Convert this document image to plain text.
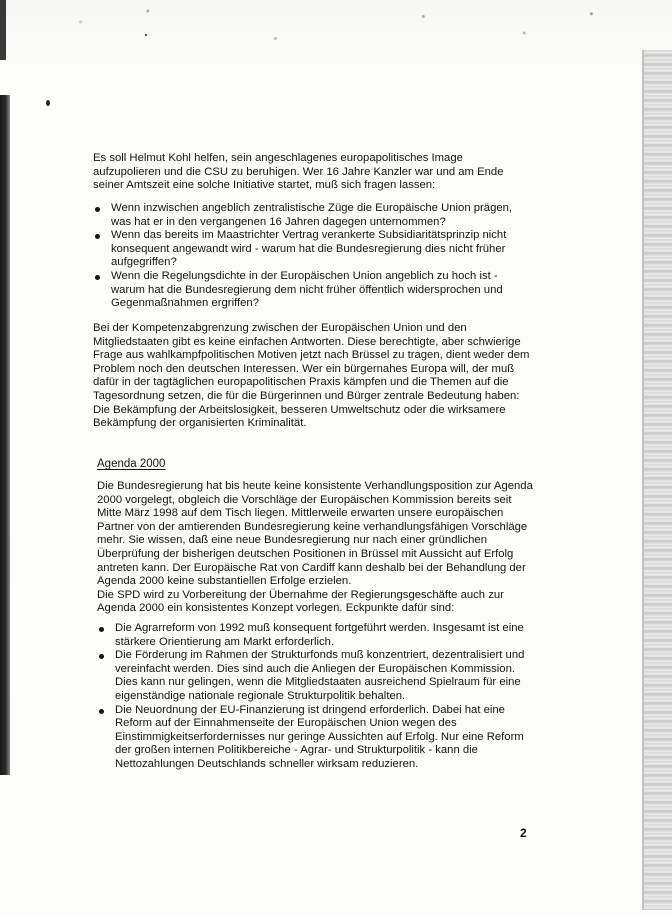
Es soll Helmut Kohl helfen, sein angeschlagenes europapolitisches Image
aufzupolieren und die CSU zu beruhigen. Wer 16 Jahre Kanzler war und am Ende
seiner Amtszeit eine solche Initiative startet, muß sich fragen lassen:
Wenn inzwischen angeblich zentralistische Züge die Europäische Union prägen,
was hat er in den vergangenen 16 Jahren dagegen unternommen?
Wenn das bereits im Maastrichter Vertrag verankerte Subsidiaritätsprinzip nicht
konsequent angewandt wird - warum hat die Bundesregierung dies nicht früher
aufgegriffen?
Wenn die Regelungsdichte in der Europäischen Union angeblich zu hoch ist -
warum hat die Bundesregierung dem nicht früher öffentlich widersprochen und
Gegenmaßnahmen ergriffen?
Bei der Kompetenzabgrenzung zwischen der Europäischen Union und den
Mitgliedstaaten gibt es keine einfachen Antworten. Diese berechtigte, aber schwierige
Frage aus wahlkampfpolitischen Motiven jetzt nach Brüssel zu tragen, dient weder dem
Problem noch den deutschen Interessen. Wer ein bürgernahes Europa will, der muß
dafür in der tagtäglichen europapolitischen Praxis kämpfen und die Themen auf die
Tagesordnung setzen, die für die Bürgerinnen und Bürger zentrale Bedeutung haben:
Die Bekämpfung der Arbeitslosigkeit, besseren Umweltschutz oder die wirksamere
Bekämpfung der organisierten Kriminalität.
Agenda 2000
Die Bundesregierung hat bis heute keine konsistente Verhandlungsposition zur Agenda
2000 vorgelegt, obgleich die Vorschläge der Europäischen Kommission bereits seit
Mitte März 1998 auf dem Tisch liegen. Mittlerweile erwarten unsere europäischen
Partner von der amtierenden Bundesregierung keine verhandlungsfähigen Vorschläge
mehr. Sie wissen, daß eine neue Bundesregierung nur nach einer gründlichen
Überprüfung der bisherigen deutschen Positionen in Brüssel mit Aussicht auf Erfolg
antreten kann. Der Europäische Rat von Cardiff kann deshalb bei der Behandlung der
Agenda 2000 keine substantiellen Erfolge erzielen.
Die SPD wird zu Vorbereitung der Übernahme der Regierungsgeschäfte auch zur
Agenda 2000 ein konsistentes Konzept vorlegen. Eckpunkte dafür sind:
Die Agrarreform von 1992 muß konsequent fortgeführt werden. Insgesamt ist eine
stärkere Orientierung am Markt erforderlich.
Die Förderung im Rahmen der Strukturfonds muß konzentriert, dezentralisiert und
vereinfacht werden. Dies sind auch die Anliegen der Europäischen Kommission.
Dies kann nur gelingen, wenn die Mitgliedstaaten ausreichend Spielraum für eine
eigenständige nationale regionale Strukturpolitik behalten.
Die Neuordnung der EU-Finanzierung ist dringend erforderlich. Dabei hat eine
Reform auf der Einnahmenseite der Europäischen Union wegen des
Einstimmigkeitserfordernisses nur geringe Aussichten auf Erfolg. Nur eine Reform
der großen internen Politikbereiche - Agrar- und Strukturpolitik - kann die
Nettozahlungen Deutschlands schneller wirksam reduzieren.
2
